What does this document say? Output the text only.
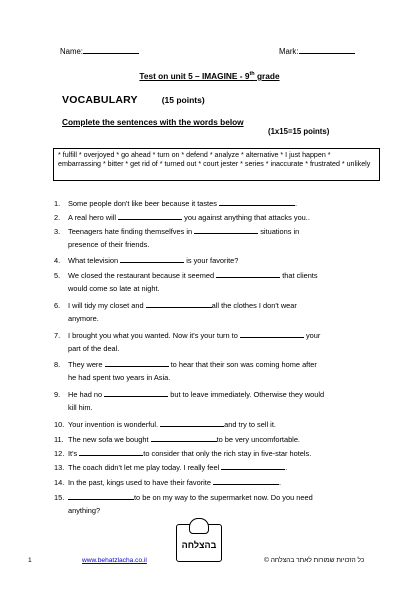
Name:	Mark:
Test on unit 5 – IMAGINE - 9th grade
VOCABULARY	(15 points)
Complete the sentences with the words below
(1x15=15 points)
* fulfill * overjoyed * go ahead * turn on * defend * analyze * alternative * I just happen * embarrassing * bitter * get rid of * turned out * court jester * series * inaccurate * frustrated * unlikely
1. Some people don't like beer because it tastes	.
2. A real hero will	you against anything that attacks you..
3. Teenagers hate finding themselfves in	situations in
presence of their friends.
4. What television	is your favorite?
5. We closed the restaurant because it seemed	that clients
would come so late at night.
6. I will tidy my closet and	all the clothes I don't wear
anymore.
7. I brought you what you wanted. Now it's your turn to	your
part of the deal.
8. They were	to hear that their son was coming home after
he had spent two years in Asia.
9. He had no	but to leave immediately. Otherwise they would
kill him.
10. Your invention is wonderful.	and try to sell it.
11. The new sofa we bought	to be very uncomfortable.
12. It's	to consider that only the rich stay in five-star hotels.
13. The coach didn't let me play today. I really feel	.
14. In the past, kings used to have their favorite	.
15.	to be on my way to the supermarket now. Do you need
anything?
בהצלחה
1	www.behatzlacha.co.il	כל הזכויות שמורות לאתר בהצלחה ©
